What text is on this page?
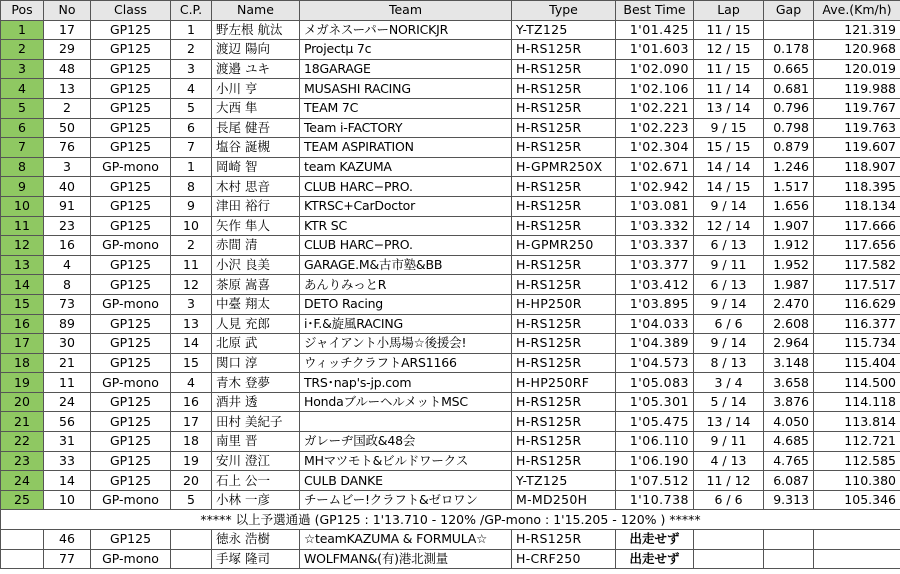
Pos	No	Class	C.P.	Name	Team	Type	Best Time	Lap	Gap	Ave.(Km/h)
1	17	GP125	1	野左根 航汰	メガネスーパーNORICKJR	Y-TZ125	1'01.425	11 / 15		121.319
2	29	GP125	2	渡辺 陽向	Projectμ 7c	H-RS125R	1'01.603	12 / 15	0.178	120.968
3	48	GP125	3	渡邉 ユキ	18GARAGE	H-RS125R	1'02.090	11 / 15	0.665	120.019
4	13	GP125	4	小川 亨	MUSASHI RACING	H-RS125R	1'02.106	11 / 14	0.681	119.988
5	2	GP125	5	大西 隼	TEAM 7C	H-RS125R	1'02.221	13 / 14	0.796	119.767
6	50	GP125	6	長尾 健吾	Team i-FACTORY	H-RS125R	1'02.223	9 / 15	0.798	119.763
7	76	GP125	7	塩谷 誕槻	TEAM ASPIRATION	H-RS125R	1'02.304	15 / 15	0.879	119.607
8	3	GP-mono	1	岡崎 智	team KAZUMA	H-GPMR250X	1'02.671	14 / 14	1.246	118.907
9	40	GP125	8	木村 思音	CLUB HARC−PRO.	H-RS125R	1'02.942	14 / 15	1.517	118.395
10	91	GP125	9	津田 裕行	KTRSC+CarDoctor	H-RS125R	1'03.081	9 / 14	1.656	118.134
11	23	GP125	10	矢作 隼人	KTR SC	H-RS125R	1'03.332	12 / 14	1.907	117.666
12	16	GP-mono	2	赤間 清	CLUB HARC−PRO.	H-GPMR250	1'03.337	6 / 13	1.912	117.656
13	4	GP125	11	小沢 良美	GARAGE.M&古市塾&BB	H-RS125R	1'03.377	9 / 11	1.952	117.582
14	8	GP125	12	茶原 嵩喜	あんりみっとR	H-RS125R	1'03.412	6 / 13	1.987	117.517
15	73	GP-mono	3	中臺 翔太	DETO Racing	H-HP250R	1'03.895	9 / 14	2.470	116.629
16	89	GP125	13	人見 充郎	i･F.&旋風RACING	H-RS125R	1'04.033	6 / 6	2.608	116.377
17	30	GP125	14	北原 武	ジャイアント小馬場☆後援会!	H-RS125R	1'04.389	9 / 14	2.964	115.734
18	21	GP125	15	関口 淳	ウィッチクラフトARS1166	H-RS125R	1'04.573	8 / 13	3.148	115.404
19	11	GP-mono	4	青木 登夢	TRS･nap's-jp.com	H-HP250RF	1'05.083	3 / 4	3.658	114.500
20	24	GP125	16	酒井 透	HondaブルーヘルメットMSC	H-RS125R	1'05.301	5 / 14	3.876	114.118
21	56	GP125	17	田村 美紀子		H-RS125R	1'05.475	13 / 14	4.050	113.814
22	31	GP125	18	南里 晋	ガレーヂ国政&48会	H-RS125R	1'06.110	9 / 11	4.685	112.721
23	33	GP125	19	安川 澄江	MHマツモト&ビルドワークス	H-RS125R	1'06.190	4 / 13	4.765	112.585
24	14	GP125	20	石上 公一	CULB DANKE	Y-TZ125	1'07.512	11 / 12	6.087	110.380
25	10	GP-mono	5	小林 一彦	チームビー!クラフト&ゼロワン	M-MD250H	1'10.738	6 / 6	9.313	105.346
***** 以上予選通過 (GP125 : 1'13.710 - 120% /GP-mono : 1'15.205 - 120% ) *****										
	46	GP125		徳永 浩樹	☆teamKAZUMA & FORMULA☆	H-RS125R	出走せず			
	77	GP-mono		手塚 隆司	WOLFMAN&(有)港北測量	H-CRF250	出走せず			
